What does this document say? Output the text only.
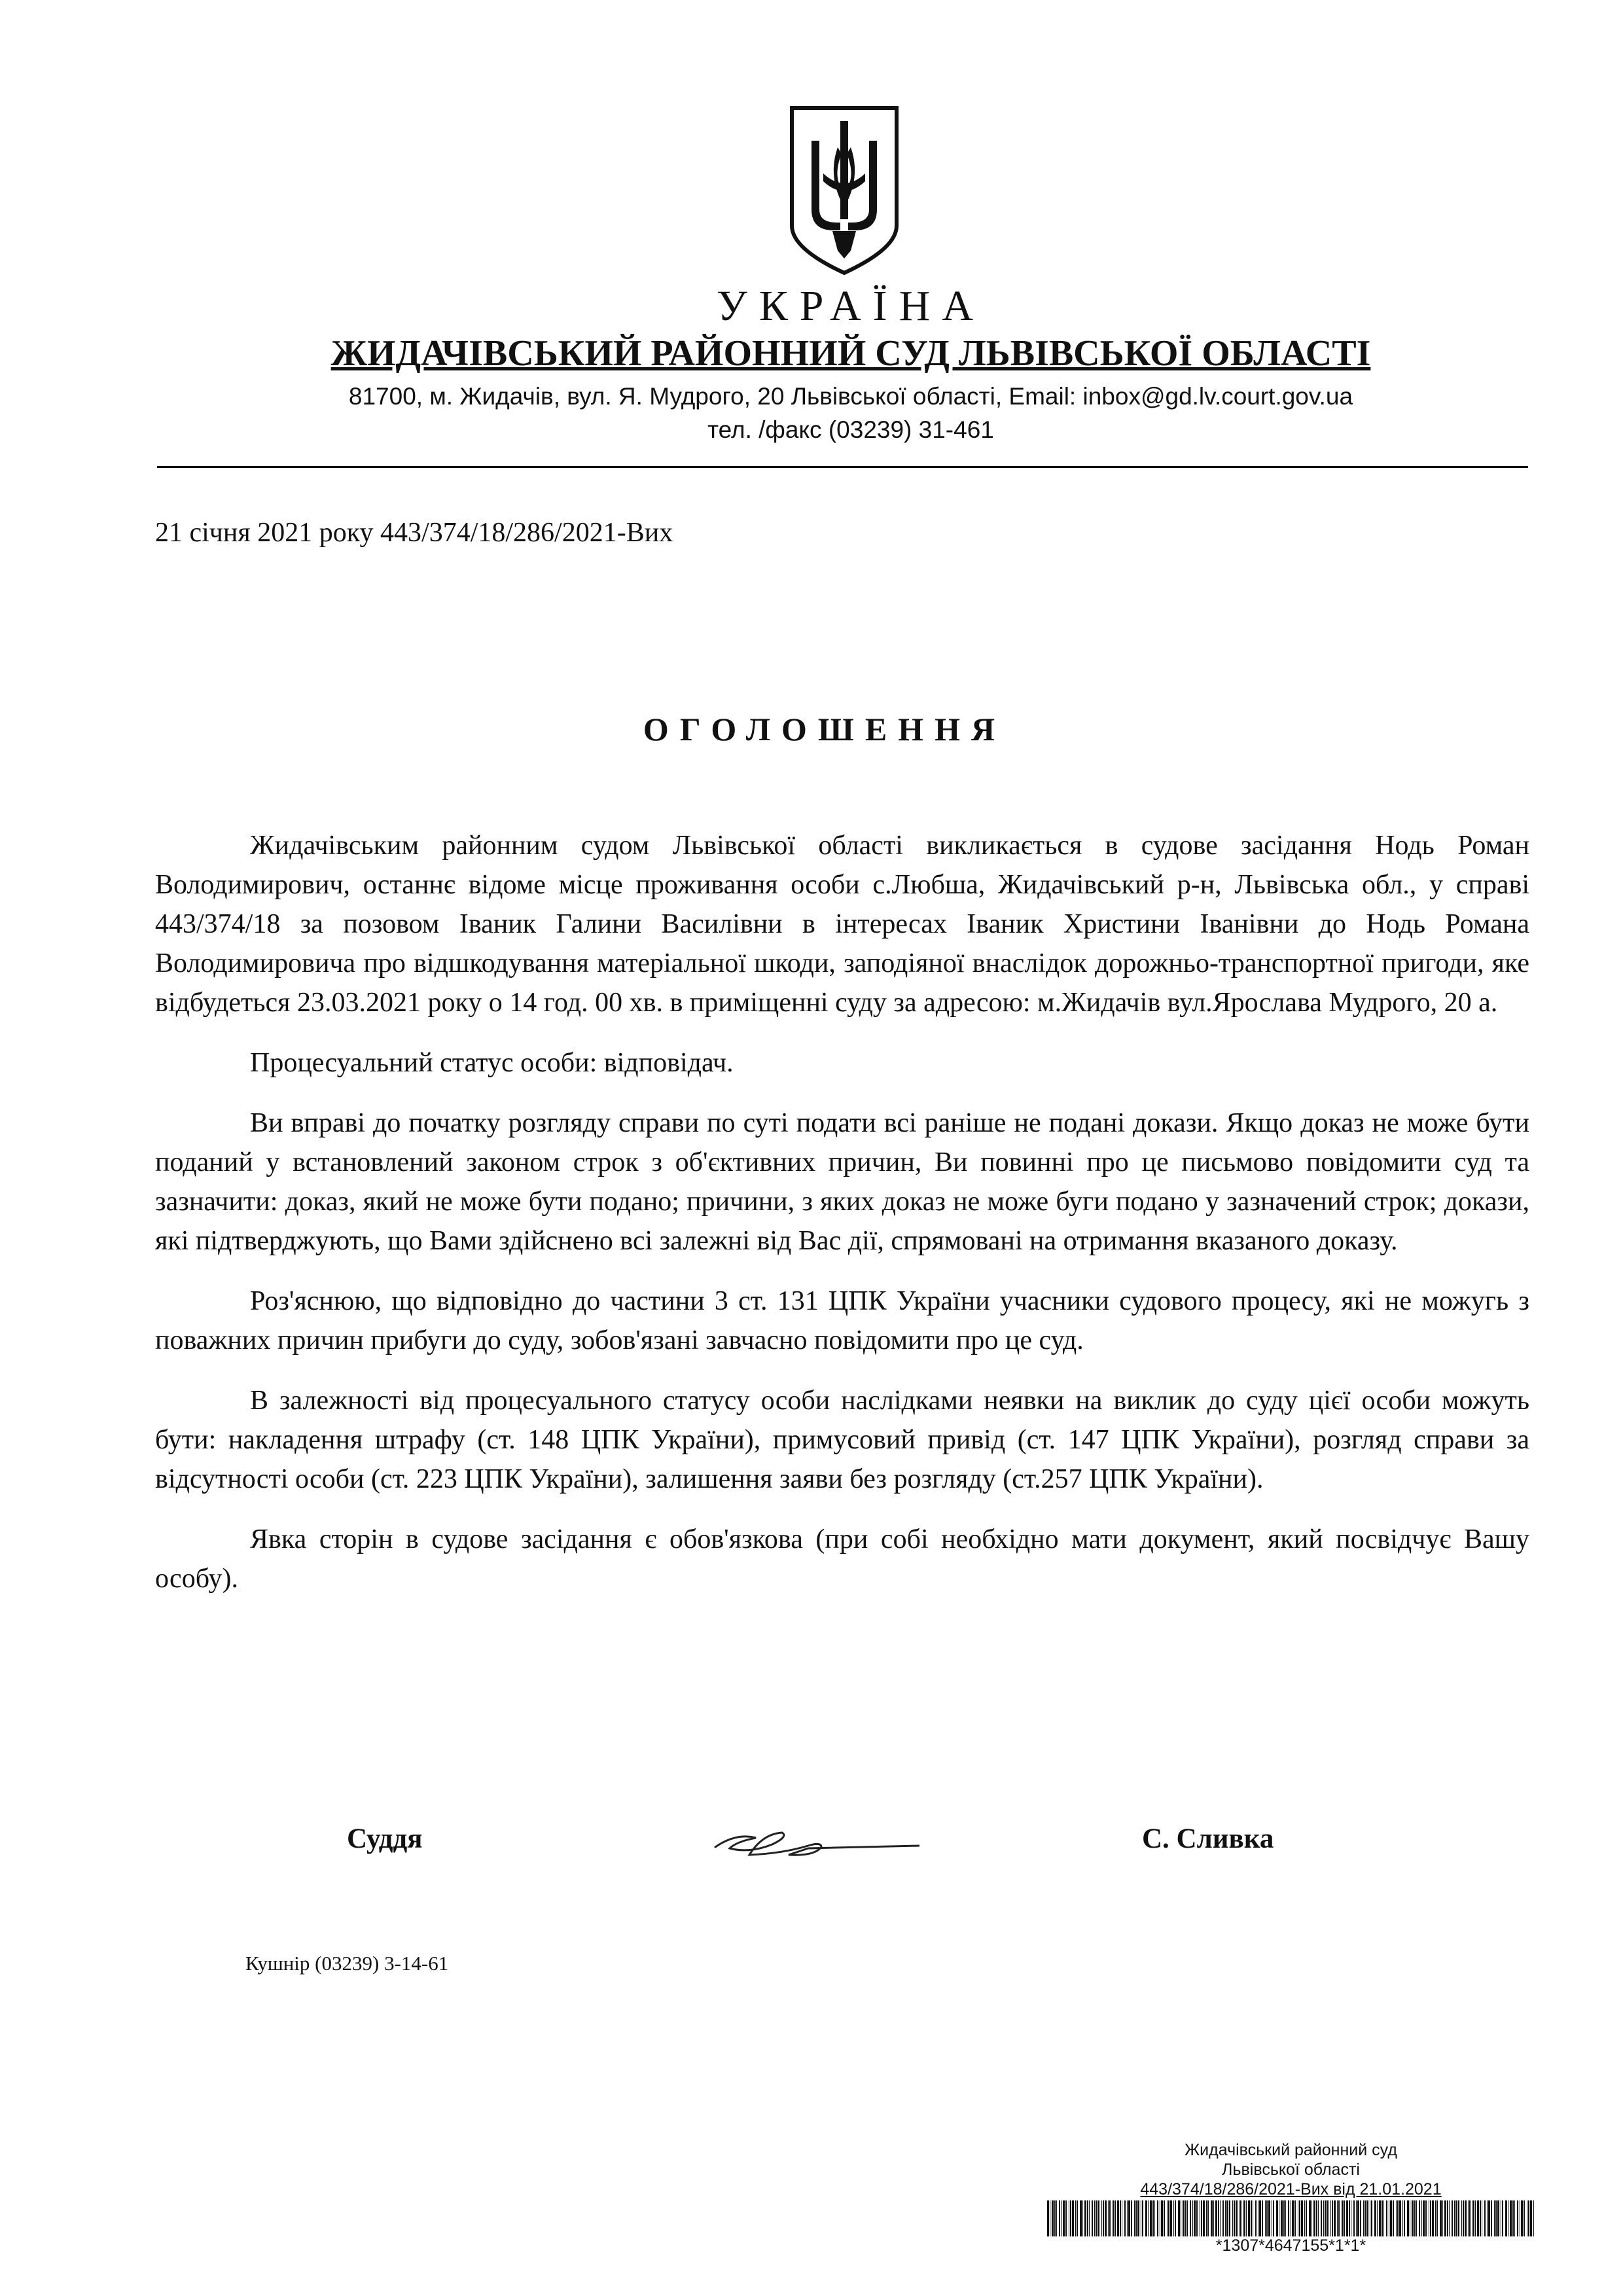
УКРАЇНА
ЖИДАЧІВСЬКИЙ РАЙОННИЙ СУД ЛЬВІВСЬКОЇ ОБЛАСТІ
81700, м. Жидачів, вул. Я. Мудрого, 20 Львівської області, Email: inbox@gd.lv.court.gov.ua
тел. /факс (03239) 31-461
21 січня 2021 року 443/374/18/286/2021-Вих
ОГОЛОШЕННЯ

Жидачівським районним судом Львівської області викликається в судове засідання Нодь Роман Володимирович, останнє відоме місце проживання особи с.Любша, Жидачівський р-н, Львівська обл., у справі 443/374/18 за позовом Іваник Галини Василівни в інтересах Іваник Христини Іванівни до Нодь Романа Володимировича про відшкодування матеріальної шкоди, заподіяної внаслідок дорожньо-транспортної пригоди, яке відбудеться 23.03.2021 року о 14 год. 00 хв. в приміщенні суду за адресою: м.Жидачів вул.Ярослава Мудрого, 20 а.

Процесуальний статус особи: відповідач.

Ви вправі до початку розгляду справи по суті подати всі раніше не подані докази. Якщо доказ не може бути поданий у встановлений законом строк з об'єктивних причин, Ви повинні про це письмово повідомити суд та зазначити: доказ, який не може бути подано; причини, з яких доказ не може буги подано у зазначений строк; докази, які підтверджують, що Вами здійснено всі залежні від Вас дії, спрямовані на отримання вказаного доказу.

Роз'яснюю, що відповідно до частини 3 ст. 131 ЦПК України учасники судового процесу, які не можугь з поважних причин прибуги до суду, зобов'язані завчасно повідомити про це суд.

В залежності від процесуального статусу особи наслідками неявки на виклик до суду цієї особи можуть бути: накладення штрафу (ст. 148 ЦПК України), примусовий привід (ст. 147 ЦПК України), розгляд справи за відсутності особи (ст. 223 ЦПК України), залишення заяви без розгляду (ст.257 ЦПК України).

Явка сторін в судове засідання є обов'язкова (при собі необхідно мати документ, який посвідчує Вашу особу).

Суддя	С. Сливка
Кушнір (03239) 3-14-61
Жидачівський районний суд
Львівської області
443/374/18/286/2021-Вих від 21.01.2021
*1307*4647155*1*1*
